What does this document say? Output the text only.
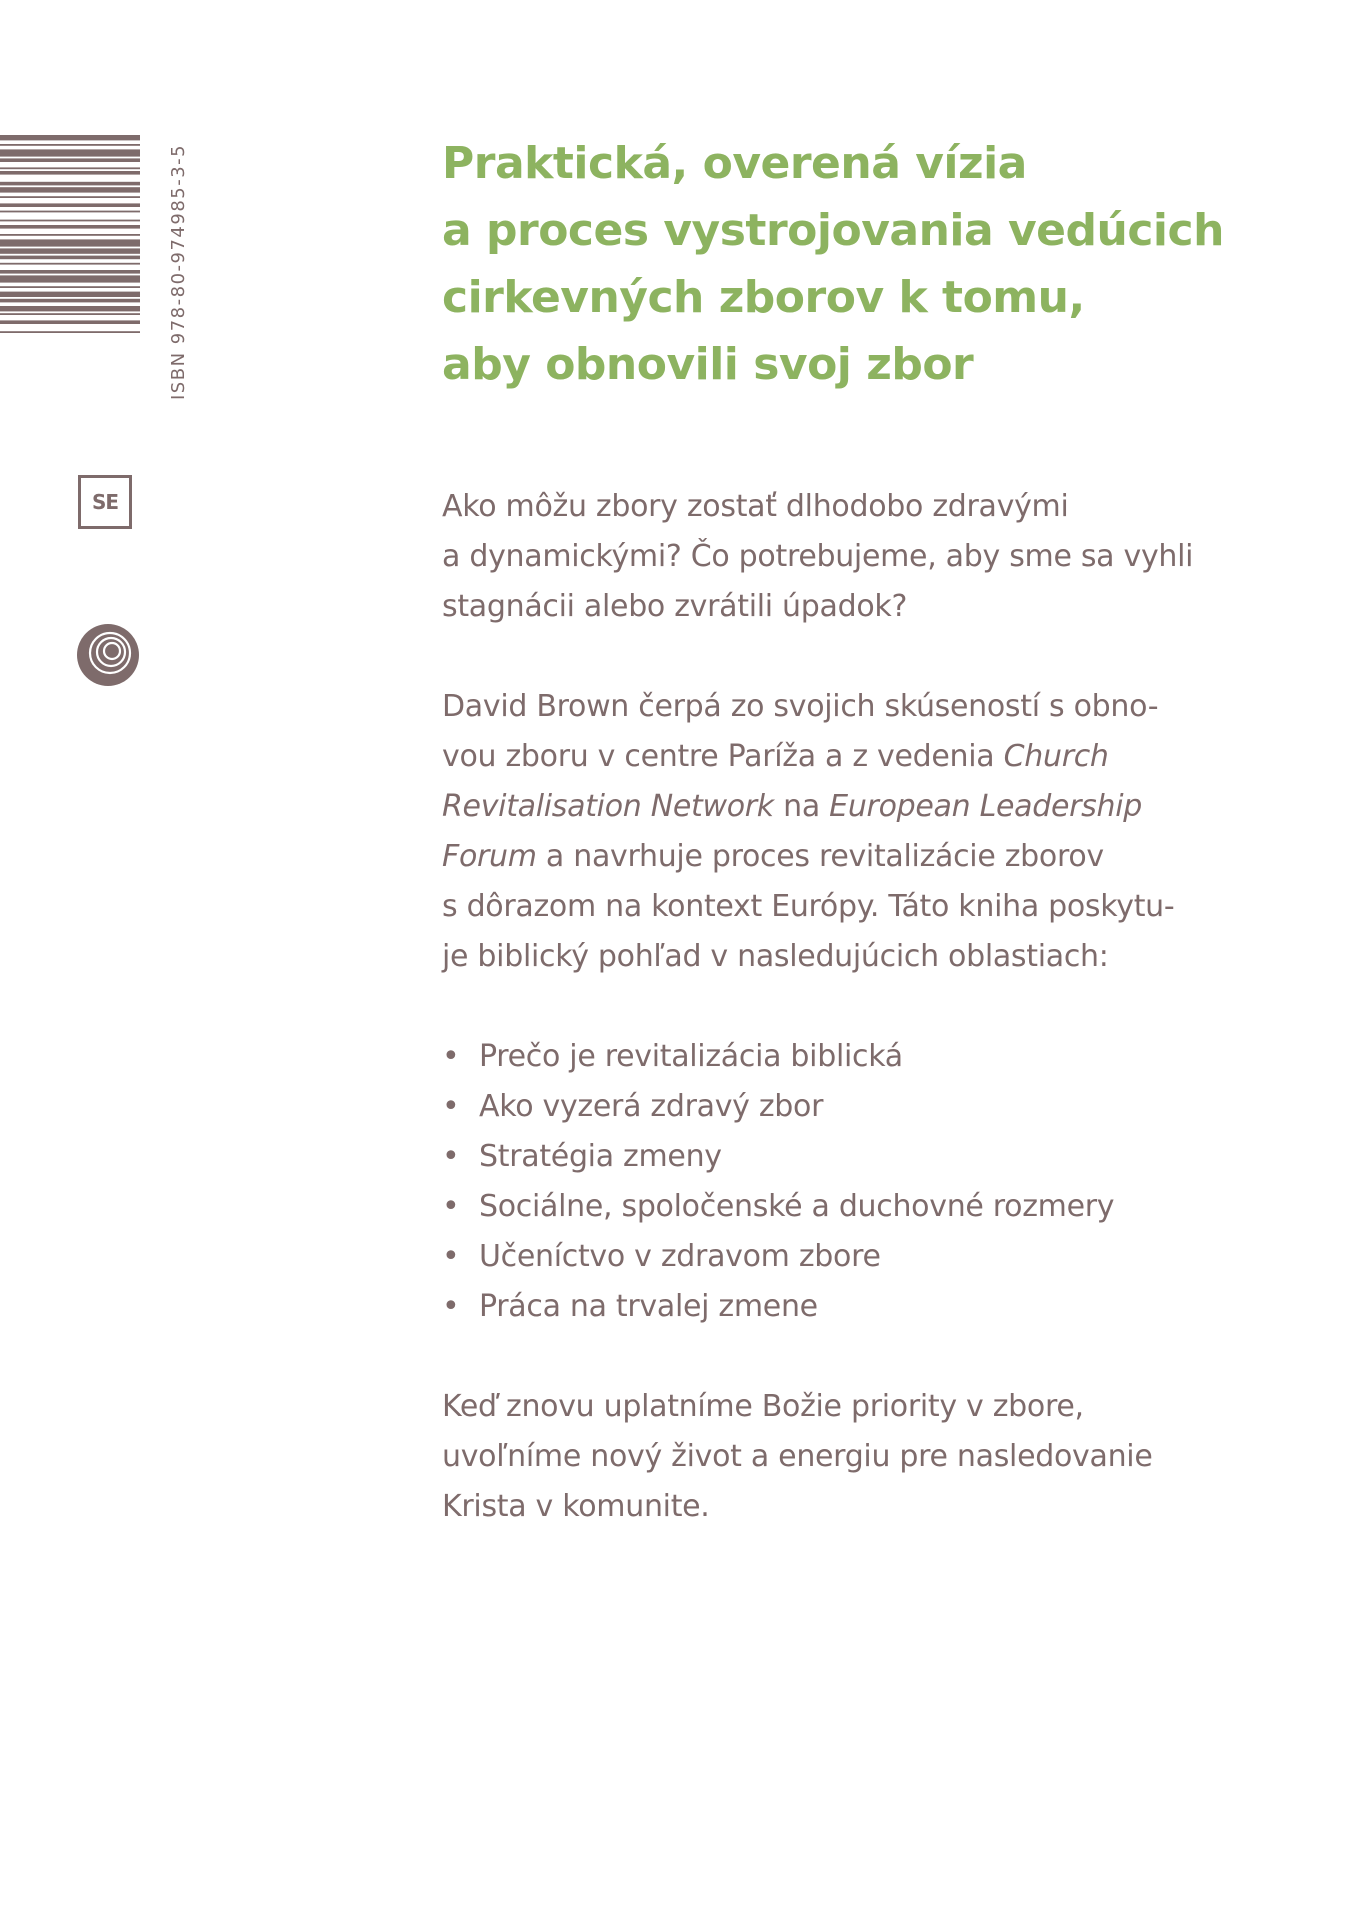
ISBN 978-80-974985-3-5
SE
Praktická, overená vízia
a proces vystrojovania vedúcich
cirkevných zborov k tomu,
aby obnovili svoj zbor

Ako môžu zbory zostať dlhodobo zdravými
a dynamickými? Čo potrebujeme, aby sme sa vyhli
stagnácii alebo zvrátili úpadok?

David Brown čerpá zo svojich skúseností s obno-
vou zboru v centre Paríža a z vedenia Church
Revitalisation Network na European Leadership
Forum a navrhuje proces revitalizácie zborov
s dôrazom na kontext Európy. Táto kniha poskytu-
je biblický pohľad v nasledujúcich oblastiach:

• Prečo je revitalizácia biblická
• Ako vyzerá zdravý zbor
• Stratégia zmeny
• Sociálne, spoločenské a duchovné rozmery
• Učeníctvo v zdravom zbore
• Práca na trvalej zmene

Keď znovu uplatníme Božie priority v zbore,
uvoľníme nový život a energiu pre nasledovanie
Krista v komunite.
